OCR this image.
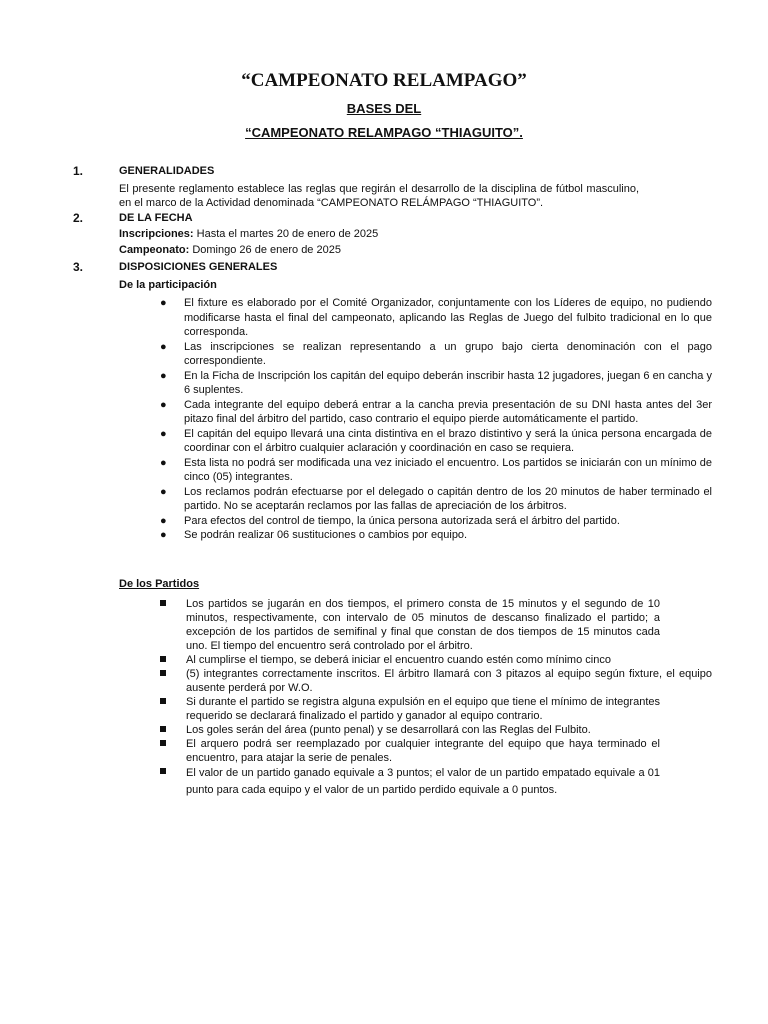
“CAMPEONATO RELAMPAGO”
BASES DEL
“CAMPEONATO RELAMPAGO “THIAGUITO”.
1.	GENERALIDADES
El presente reglamento establece las reglas que regirán el desarrollo de la disciplina de fútbol masculino, en el marco de la Actividad denominada “CAMPEONATO RELÁMPAGO “THIAGUITO”.
2.	DE LA FECHA
Inscripciones: Hasta el martes 20 de enero de 2025
Campeonato: Domingo 26 de enero de 2025
3.	DISPOSICIONES GENERALES
De la participación
● El fixture es elaborado por el Comité Organizador, conjuntamente con los Líderes de equipo, no pudiendo modificarse hasta el final del campeonato, aplicando las Reglas de Juego del fulbito tradicional en lo que corresponda.
● Las inscripciones se realizan representando a un grupo bajo cierta denominación con el pago correspondiente.
● En la Ficha de Inscripción los capitán del equipo deberán inscribir hasta 12 jugadores, juegan 6 en cancha y 6 suplentes.
● Cada integrante del equipo deberá entrar a la cancha previa presentación de su DNI hasta antes del 3er pitazo final del árbitro del partido, caso contrario el equipo pierde automáticamente el partido.
● El capitán del equipo llevará una cinta distintiva en el brazo distintivo y será la única persona encargada de coordinar con el árbitro cualquier aclaración y coordinación en caso se requiera.
● Esta lista no podrá ser modificada una vez iniciado el encuentro. Los partidos se iniciarán con un mínimo de cinco (05) integrantes.
● Los reclamos podrán efectuarse por el delegado o capitán dentro de los 20 minutos de haber terminado el partido. No se aceptarán reclamos por las fallas de apreciación de los árbitros.
● Para efectos del control de tiempo, la única persona autorizada será el árbitro del partido.
● Se podrán realizar 06 sustituciones o cambios por equipo.
De los Partidos
Los partidos se jugarán en dos tiempos, el primero consta de 15 minutos y el segundo de 10 minutos, respectivamente, con intervalo de 05 minutos de descanso finalizado el partido; a excepción de los partidos de semifinal y final que constan de dos tiempos de 15 minutos cada uno. El tiempo del encuentro será controlado por el árbitro.
Al cumplirse el tiempo, se deberá iniciar el encuentro cuando estén como mínimo cinco
(5) integrantes correctamente inscritos. El árbitro llamará con 3 pitazos al equipo según fixture, el equipo ausente perderá por W.O.
Si durante el partido se registra alguna expulsión en el equipo que tiene el mínimo de integrantes requerido se declarará finalizado el partido y ganador al equipo contrario.
Los goles serán del área (punto penal) y se desarrollará con las Reglas del Fulbito.
El arquero podrá ser reemplazado por cualquier integrante del equipo que haya terminado el encuentro, para atajar la serie de penales.
El valor de un partido ganado equivale a 3 puntos; el valor de un partido empatado equivale a 01 punto para cada equipo y el valor de un partido perdido equivale a 0 puntos.
